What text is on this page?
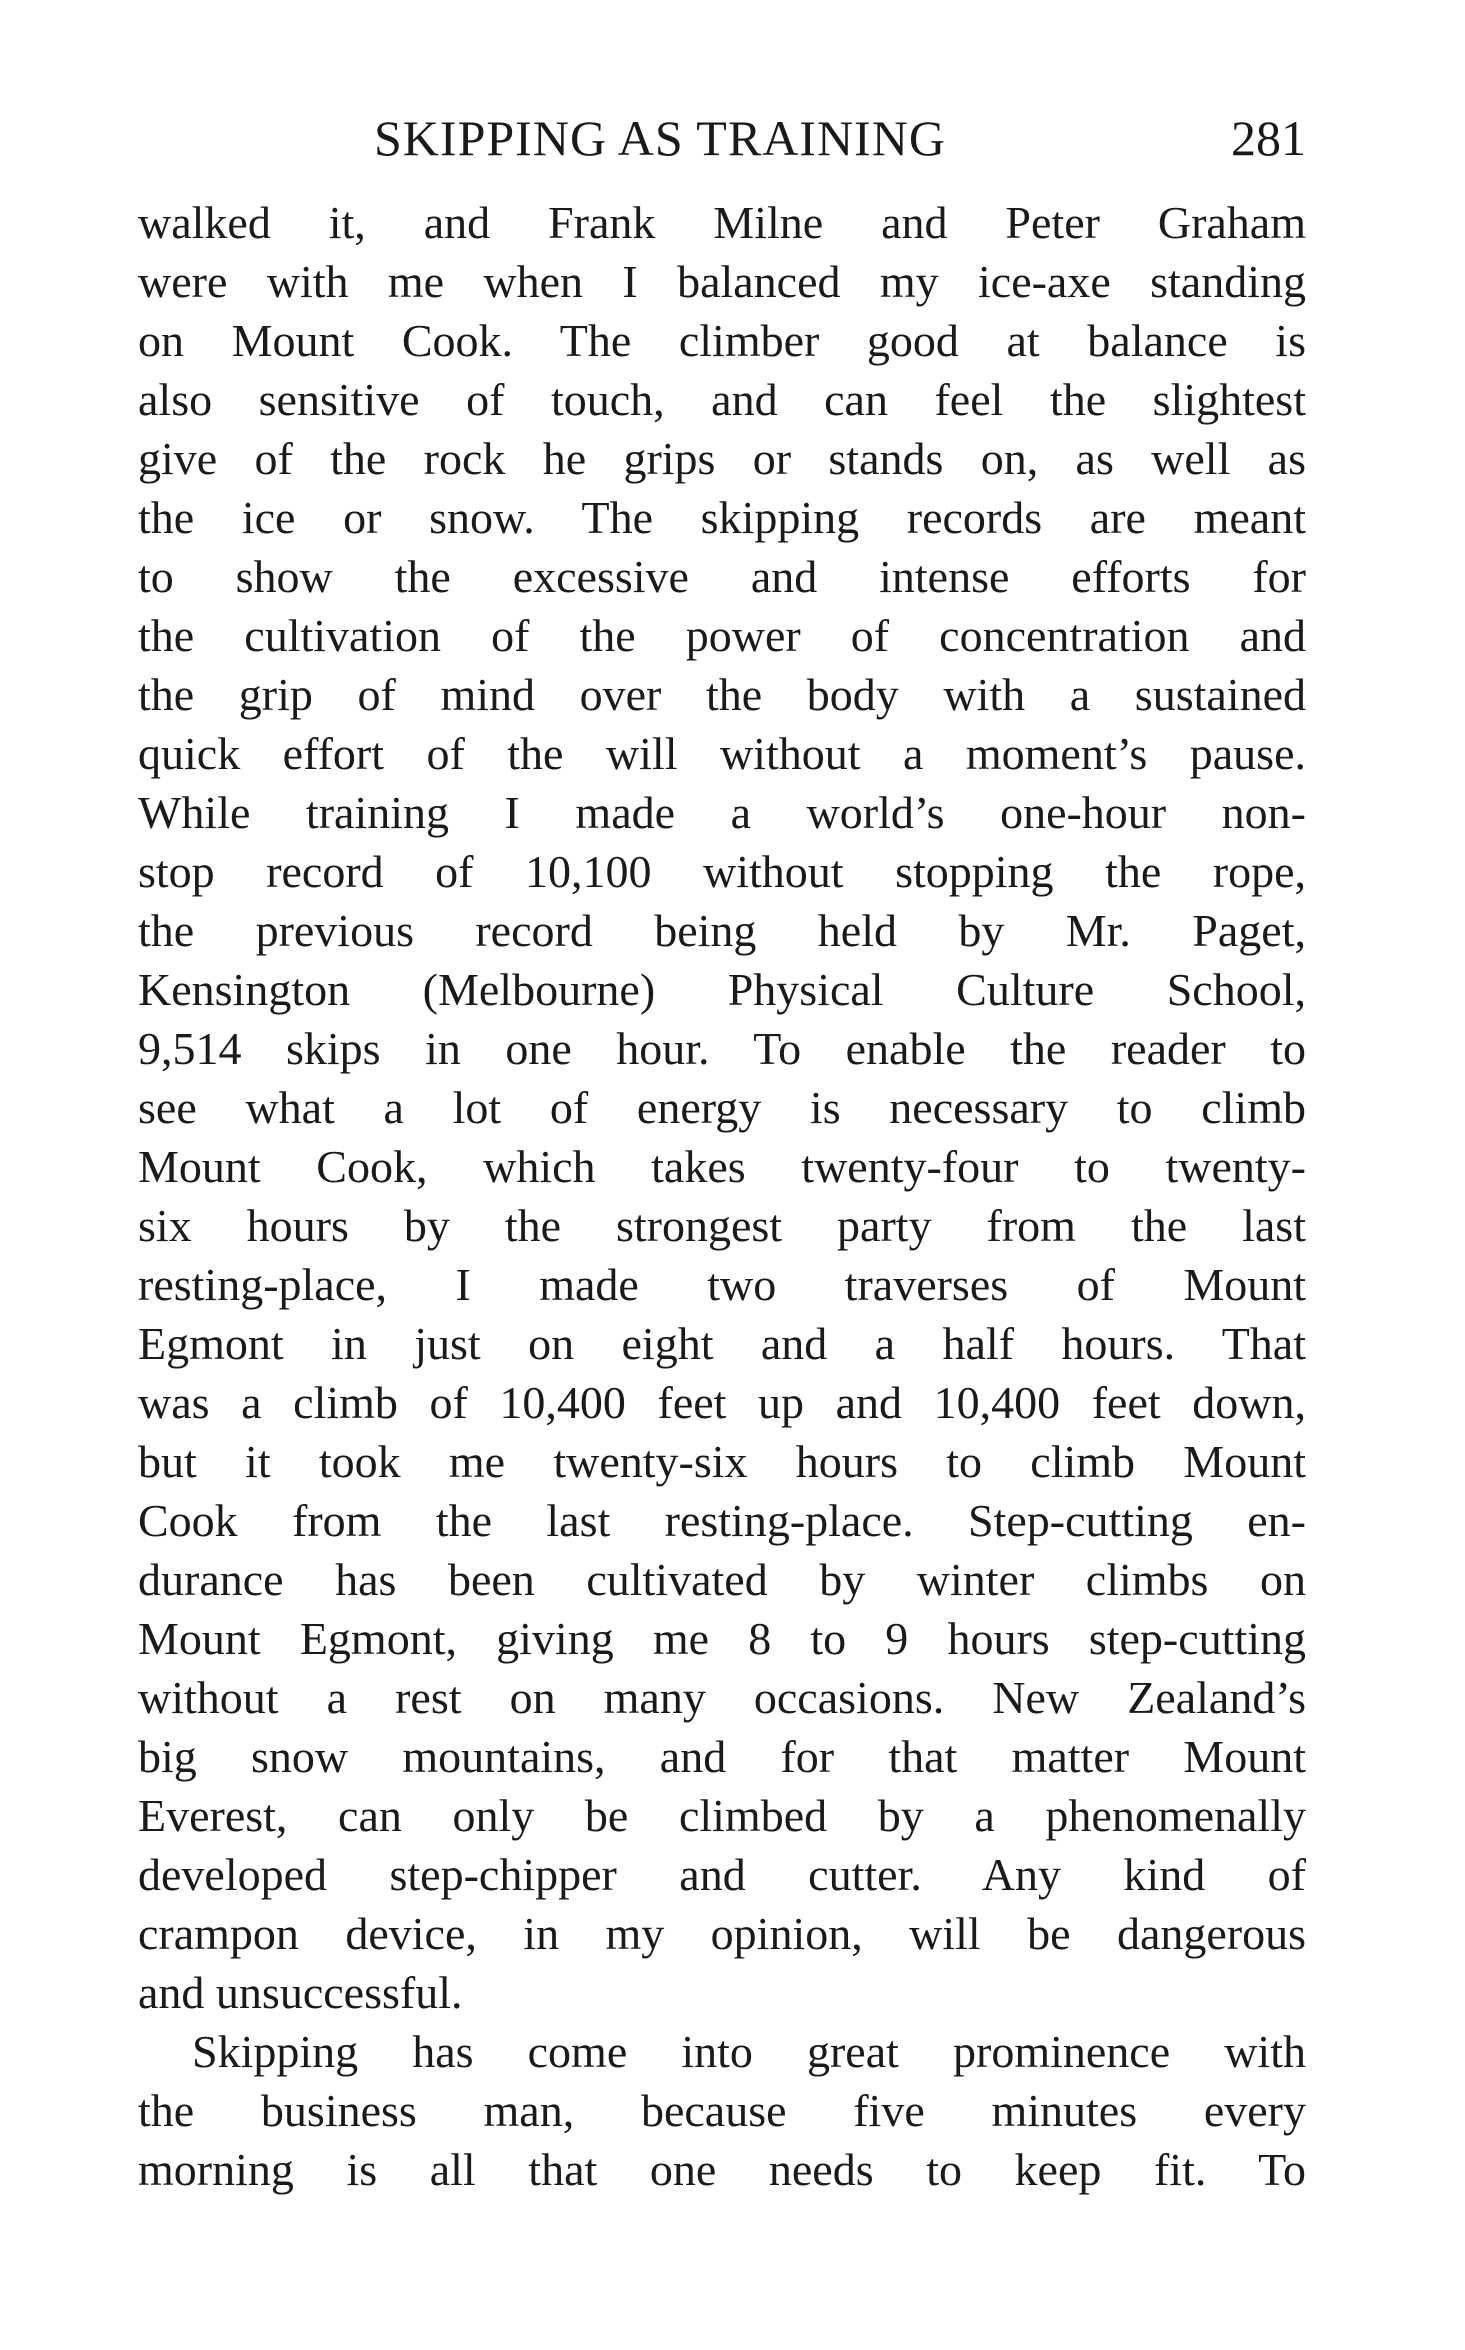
SKIPPING AS TRAINING	281
walked it, and Frank Milne and Peter Graham
were with me when I balanced my ice-axe standing
on Mount Cook. The climber good at balance is
also sensitive of touch, and can feel the slightest
give of the rock he grips or stands on, as well as
the ice or snow. The skipping records are meant
to show the excessive and intense efforts for
the cultivation of the power of concentration and
the grip of mind over the body with a sustained
quick effort of the will without a moment’s pause.
While training I made a world’s one-hour non-
stop record of 10,100 without stopping the rope,
the previous record being held by Mr. Paget,
Kensington (Melbourne) Physical Culture School,
9,514 skips in one hour. To enable the reader to
see what a lot of energy is necessary to climb
Mount Cook, which takes twenty-four to twenty-
six hours by the strongest party from the last
resting-place, I made two traverses of Mount
Egmont in just on eight and a half hours. That
was a climb of 10,400 feet up and 10,400 feet down,
but it took me twenty-six hours to climb Mount
Cook from the last resting-place. Step-cutting en-
durance has been cultivated by winter climbs on
Mount Egmont, giving me 8 to 9 hours step-cutting
without a rest on many occasions. New Zealand’s
big snow mountains, and for that matter Mount
Everest, can only be climbed by a phenomenally
developed step-chipper and cutter. Any kind of
crampon device, in my opinion, will be dangerous
and unsuccessful.
Skipping has come into great prominence with
the business man, because five minutes every
morning is all that one needs to keep fit. To
